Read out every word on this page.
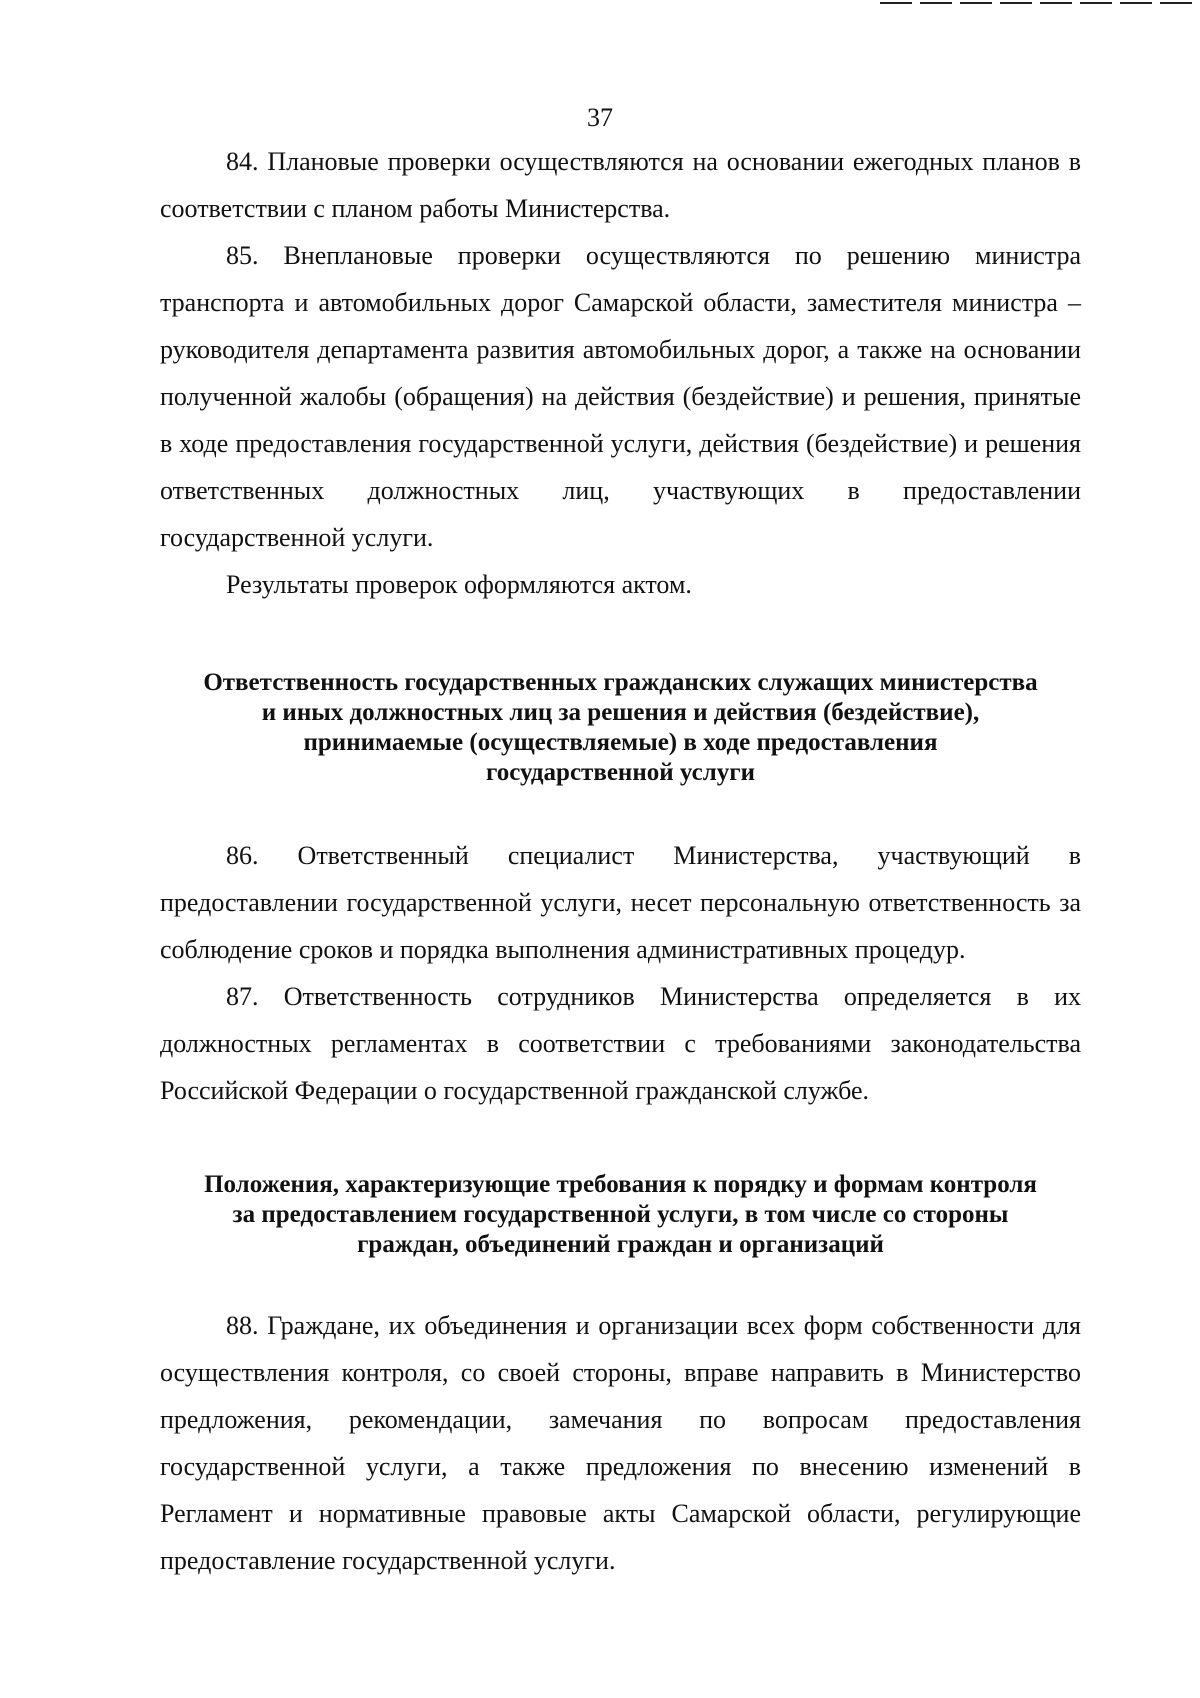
37

84. Плановые проверки осуществляются на основании ежегодных планов в соответствии с планом работы Министерства.

85. Внеплановые проверки осуществляются по решению министра транспорта и автомобильных дорог Самарской области, заместителя министра – руководителя департамента развития автомобильных дорог, а также на основании полученной жалобы (обращения) на действия (бездействие) и решения, принятые в ходе предоставления государственной услуги, действия (бездействие) и решения ответственных должностных лиц, участвующих в предоставлении государственной услуги.

Результаты проверок оформляются актом.

Ответственность государственных гражданских служащих министерства
и иных должностных лиц за решения и действия (бездействие),
принимаемые (осуществляемые) в ходе предоставления
государственной услуги

86. Ответственный специалист Министерства, участвующий в предоставлении государственной услуги, несет персональную ответственность за соблюдение сроков и порядка выполнения административных процедур.

87. Ответственность сотрудников Министерства определяется в их должностных регламентах в соответствии с требованиями законодательства Российской Федерации о государственной гражданской службе.

Положения, характеризующие требования к порядку и формам контроля
за предоставлением государственной услуги, в том числе со стороны
граждан, объединений граждан и организаций

88. Граждане, их объединения и организации всех форм собственности для осуществления контроля, со своей стороны, вправе направить в Министерство предложения, рекомендации, замечания по вопросам предоставления государственной услуги, а также предложения по внесению изменений в Регламент и нормативные правовые акты Самарской области, регулирующие предоставление государственной услуги.
